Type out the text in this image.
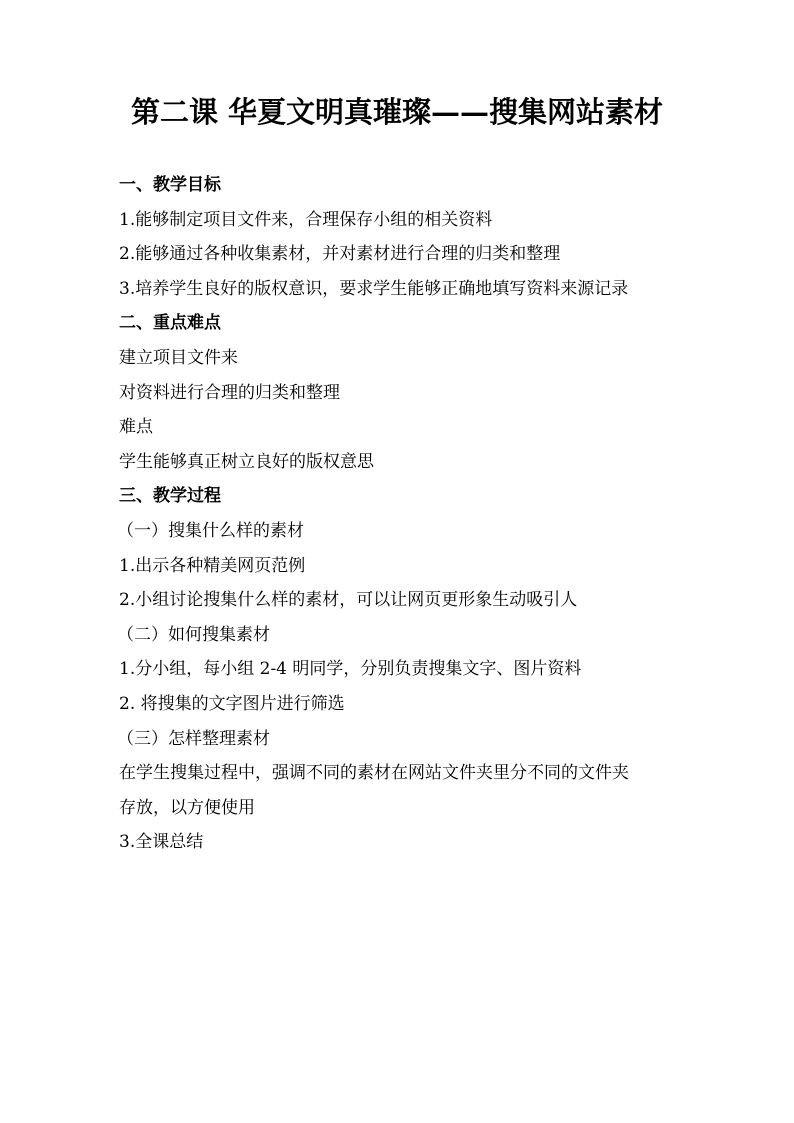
第二课 华夏文明真璀璨——搜集网站素材
一、教学目标
1.能够制定项目文件来，合理保存小组的相关资料
2.能够通过各种收集素材，并对素材进行合理的归类和整理
3.培养学生良好的版权意识，要求学生能够正确地填写资料来源记录
二、重点难点
建立项目文件来
对资料进行合理的归类和整理
难点
学生能够真正树立良好的版权意思
三、教学过程
（一）搜集什么样的素材
1.出示各种精美网页范例
2.小组讨论搜集什么样的素材，可以让网页更形象生动吸引人
（二）如何搜集素材
1.分小组，每小组 2-4 明同学，分别负责搜集文字、图片资料
2. 将搜集的文字图片进行筛选
（三）怎样整理素材
在学生搜集过程中，强调不同的素材在网站文件夹里分不同的文件夹
存放，以方便使用
3.全课总结
